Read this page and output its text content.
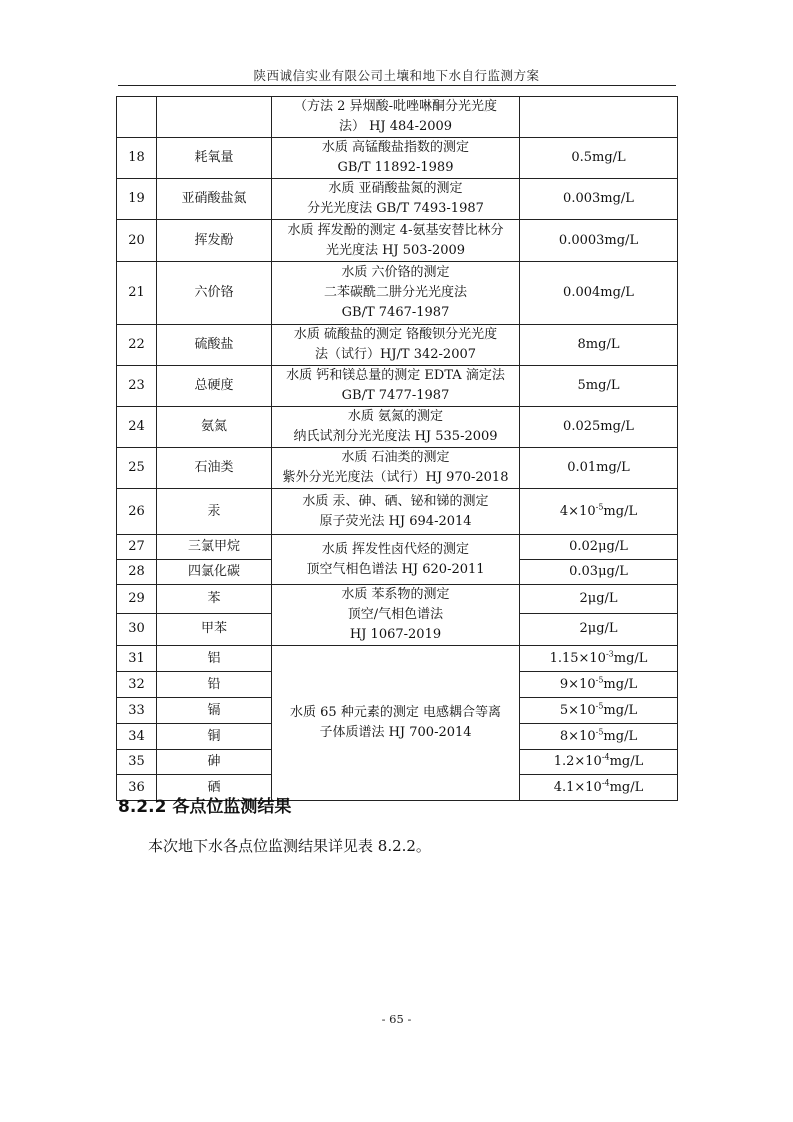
陕西诚信实业有限公司土壤和地下水自行监测方案
		（方法 2 异烟酸-吡唑啉酮分光光度
法） HJ 484-2009	
18	耗氧量	水质 高锰酸盐指数的测定
GB/T 11892-1989	0.5mg/L
19	亚硝酸盐氮	水质 亚硝酸盐氮的测定
分光光度法 GB/T 7493-1987	0.003mg/L
20	挥发酚	水质 挥发酚的测定 4-氨基安替比林分
光光度法 HJ 503-2009	0.0003mg/L
21	六价铬	水质 六价铬的测定
二苯碳酰二肼分光光度法
GB/T 7467-1987	0.004mg/L
22	硫酸盐	水质 硫酸盐的测定 铬酸钡分光光度
法（试行）HJ/T 342-2007	8mg/L
23	总硬度	水质 钙和镁总量的测定 EDTA 滴定法
GB/T 7477-1987	5mg/L
24	氨氮	水质 氨氮的测定
纳氏试剂分光光度法 HJ 535-2009	0.025mg/L
25	石油类	水质 石油类的测定
紫外分光光度法（试行）HJ 970-2018	0.01mg/L
26	汞	水质 汞、砷、硒、铋和锑的测定
原子荧光法 HJ 694-2014	$4\times 10^{-5}mg/L$
27	三氯甲烷	水质 挥发性卤代烃的测定
顶空气相色谱法 HJ 620-2011	0.02μg/L
28	四氯化碳		0.03μg/L
29	苯	水质 苯系物的测定
顶空/气相色谱法
HJ 1067-2019	2μg/L
30	甲苯		2μg/L
31	铝	水质 65 种元素的测定 电感耦合等离
子体质谱法 HJ 700-2014	$1.15\times 10^{-3}mg/L$
32	铅		$9\times 10^{-5}mg/L$
33	镉		$5\times 10^{-5}mg/L$
34	铜		$8\times 10^{-5}mg/L$
35	砷		$1.2\times 10^{-4}mg/L$
36	硒		$4.1\times 10^{-4}mg/L$
8.2.2 各点位监测结果
本次地下水各点位监测结果详见表 8.2.2。
- 65 -
